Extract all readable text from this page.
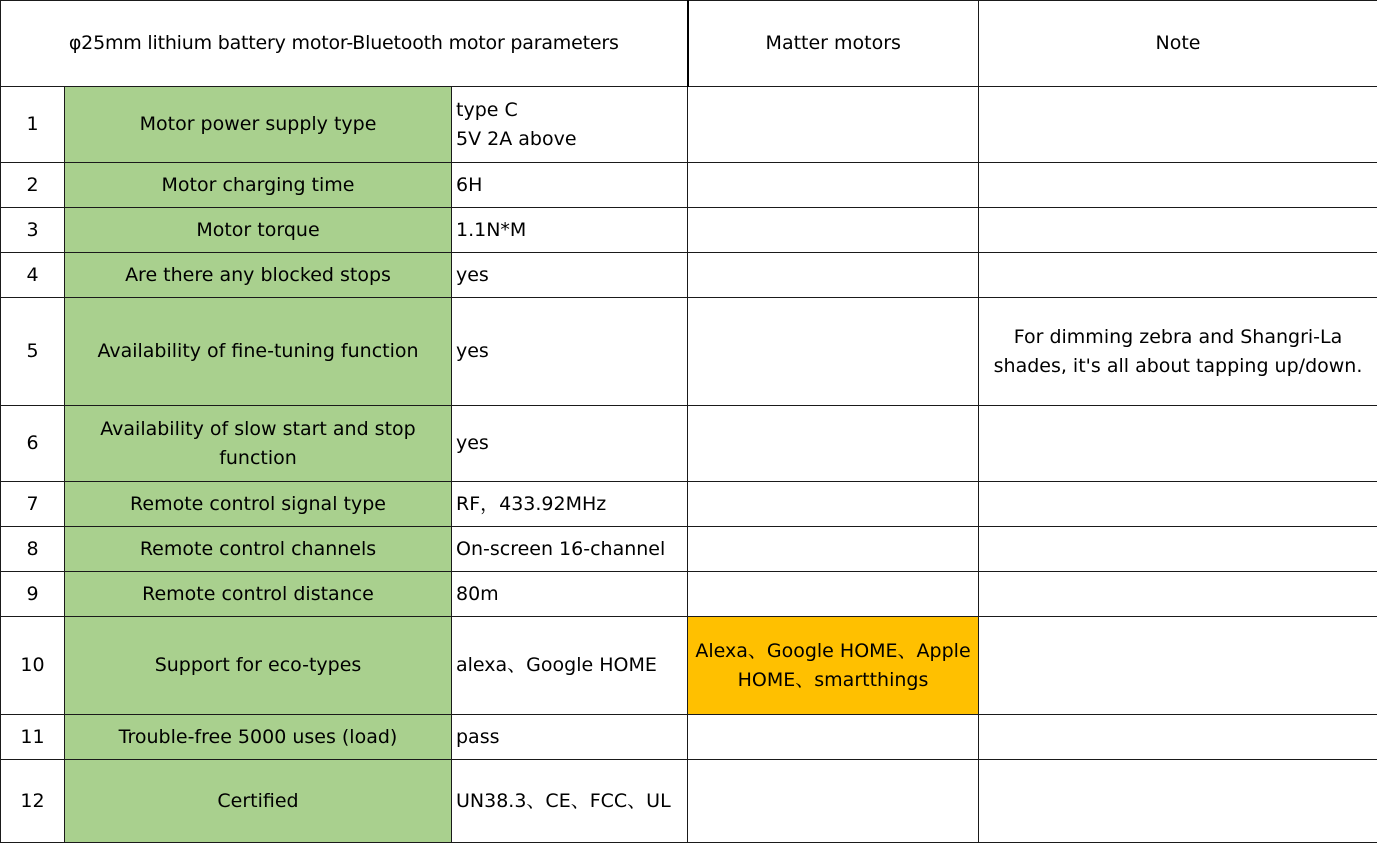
φ25mm lithium battery motor-Bluetooth motor parameters			Matter motors	Note
1	Motor power supply type	type C
5V 2A above		

2	Motor charging time	6H		

3	Motor torque	1.1N*M		

4	Are there any blocked stops	yes		

5	Availability of fine-tuning function	yes		For dimming zebra and Shangri-La shades, it's all about tapping up/down.
6	Availability of slow start and stop function	yes		

7	Remote control signal type	RF，433.92MHz		

8	Remote control channels	On-screen 16-channel		

9	Remote control distance	80m		

10	Support for eco-types	alexa、Google HOME	Alexa、Google HOME、Apple HOME、smartthings	
11	Trouble-free 5000 uses (load)	pass		

12	Certified	UN38.3、CE、FCC、UL		
